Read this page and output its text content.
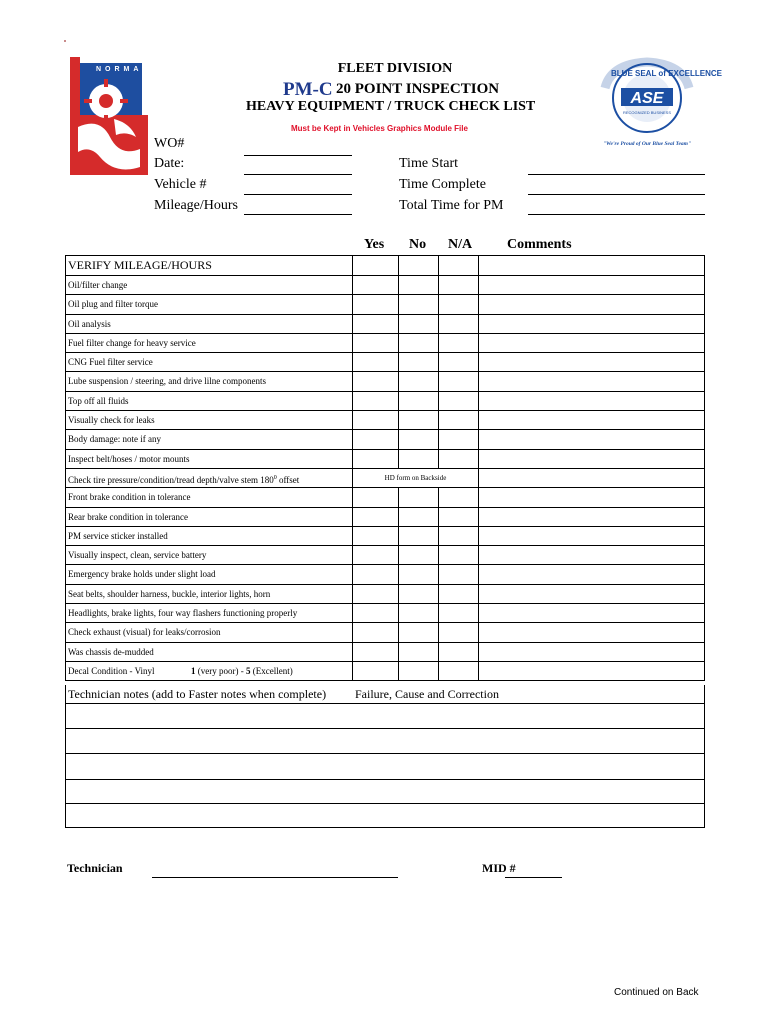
NORMAN	BLUE SEAL of EXCELLENCE
ASE
RECOGNIZED BUSINESS
"We're Proud of Our Blue Seal Team"
FLEET DIVISION
PM-C 20 POINT INSPECTION
HEAVY EQUIPMENT / TRUCK CHECK LIST
Must be Kept in Vehicles Graphics Module File
WO#
Date:
Vehicle #
Mileage/Hours
Time Start
Time Complete
Total Time for PM
Yes No N/A Comments
VERIFY MILEAGE/HOURS
Oil/filter change
Oil plug and filter torque
Oil analysis
Fuel filter change for heavy service
CNG Fuel filter service
Lube suspension / steering, and drive lilne components
Top off all fluids
Visually check for leaks
Body damage: note if any
Inspect belt/hoses / motor mounts
Check tire pressure/condition/tread depth/valve stem $180^0$ offset	HD form on Backside
Front brake condition in tolerance
Rear brake condition in tolerance
PM service sticker installed
Visually inspect, clean, service battery
Emergency brake holds under slight load
Seat belts, shoulder harness, buckle, interior lights, horn
Headlights, brake lights, four way flashers functioning properly
Check exhaust (visual) for leaks/corrosion
Was chassis de-mudded
Decal Condition - Vinyl	1 (very poor) - 5 (Excellent)
Technician notes (add to Faster notes when complete) Failure, Cause and Correction
Technician	MID #
Continued on Back
